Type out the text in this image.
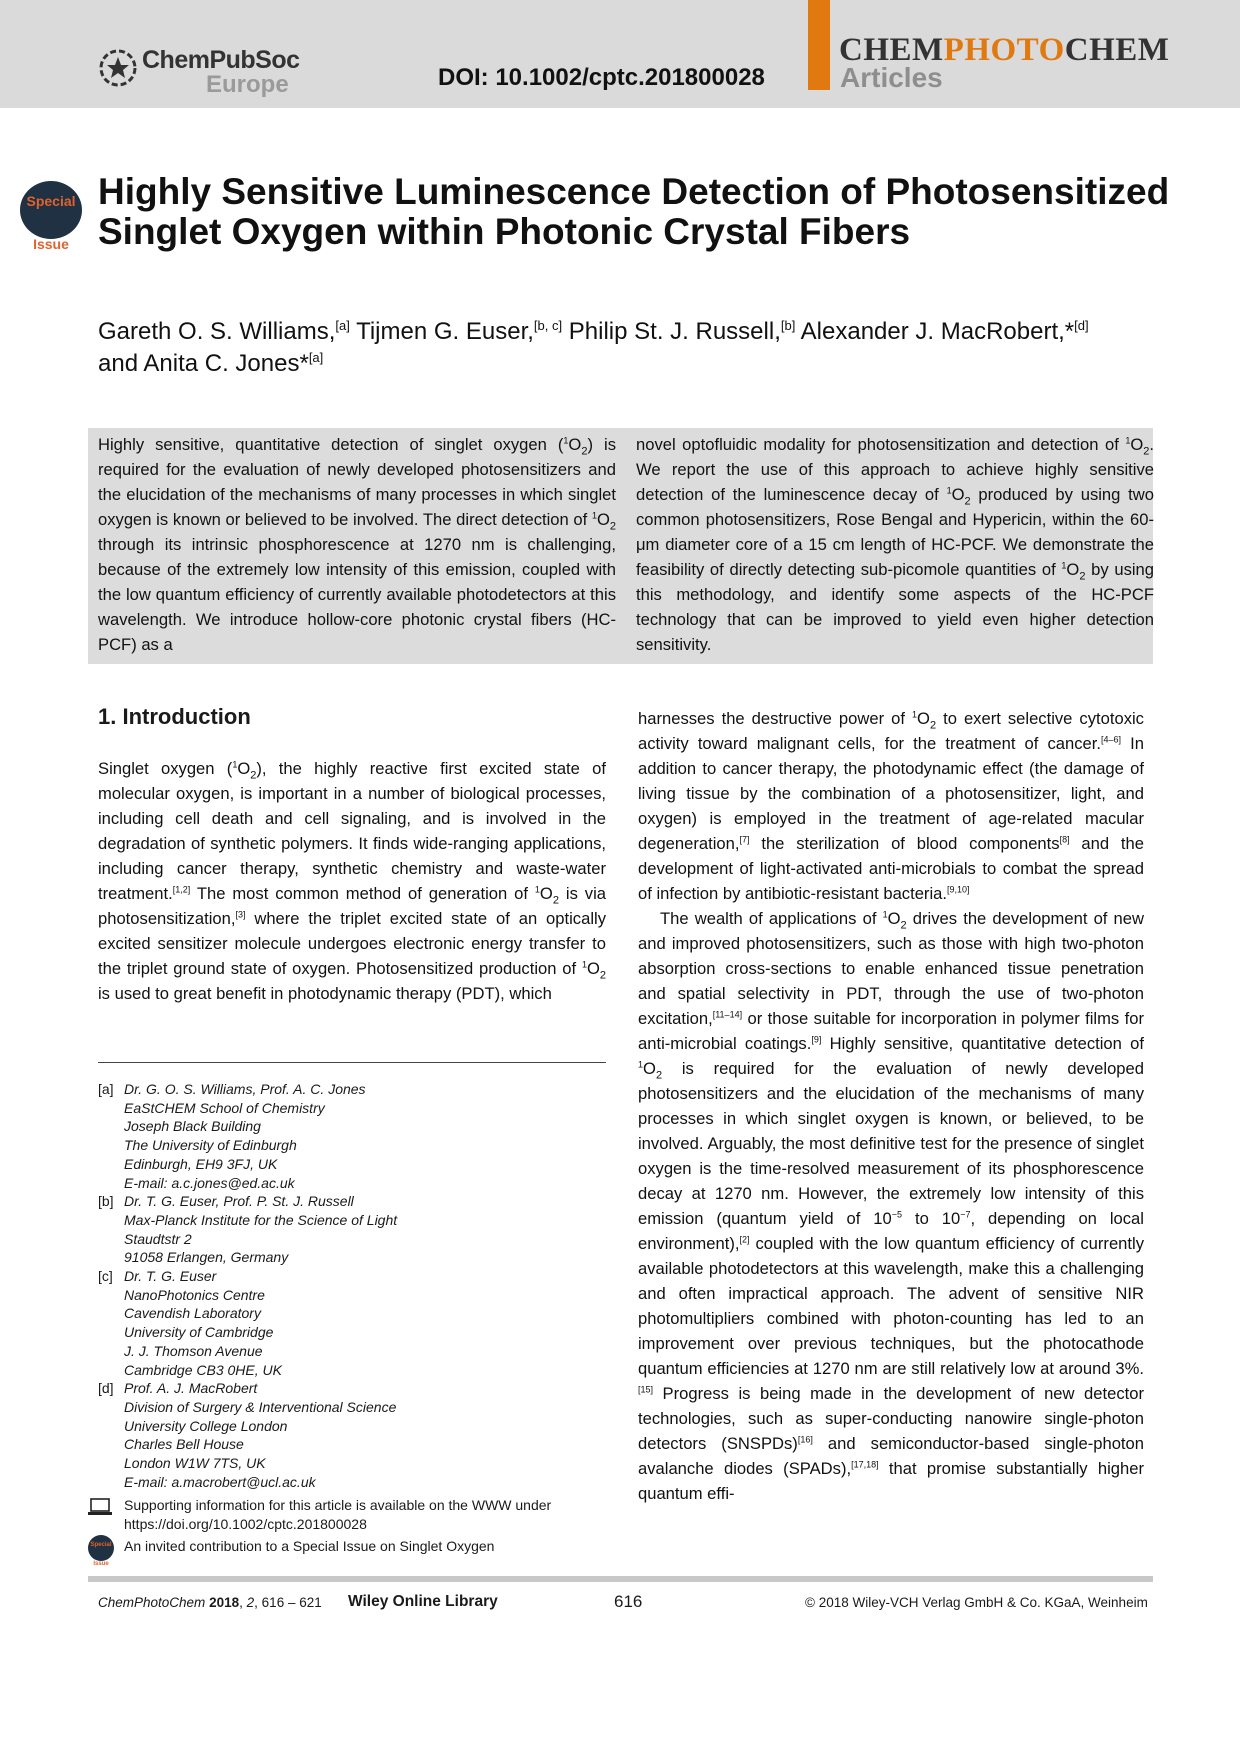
ChemPubSoc
Europe	DOI: 10.1002/cptc.201800028
CHEMPHOTOCHEM
Articles
Special

Issue
Highly Sensitive Luminescence Detection of Photosensitized Singlet Oxygen within Photonic Crystal Fibers
Gareth O. S. Williams,[a] Tijmen G. Euser,[b, c] Philip St. J. Russell,[b] Alexander J. MacRobert,*[d]
and Anita C. Jones*[a]
Highly sensitive, quantitative detection of singlet oxygen $(^1O_2)$ is required for the evaluation of newly developed photosensitizers and the elucidation of the mechanisms of many processes in which singlet oxygen is known or believed to be involved. The direct detection of $^1O_2$ through its intrinsic phosphorescence at 1270 nm is challenging, because of the extremely low intensity of this emission, coupled with the low quantum efficiency of currently available photodetectors at this wavelength. We introduce hollow-core photonic crystal fibers (HC-PCF) as a
novel optofluidic modality for photosensitization and detection of $^1O_2$. We report the use of this approach to achieve highly sensitive detection of the luminescence decay of $^1O_2$ produced by using two common photosensitizers, Rose Bengal and Hypericin, within the 60-μm diameter core of a 15 cm length of HC-PCF. We demonstrate the feasibility of directly detecting sub-picomole quantities of $^1O_2$ by using this methodology, and identify some aspects of the HC-PCF technology that can be improved to yield even higher detection sensitivity.
1. Introduction

Singlet oxygen $(^1O_2)$, the highly reactive first excited state of molecular oxygen, is important in a number of biological processes, including cell death and cell signaling, and is involved in the degradation of synthetic polymers. It finds wide-ranging applications, including cancer therapy, synthetic chemistry and waste-water treatment.[1,2] The most common method of generation of $^1O_2$ is via photosensitization,[3] where the triplet excited state of an optically excited sensitizer molecule undergoes electronic energy transfer to the triplet ground state of oxygen. Photosensitized production of $^1O_2$ is used to great benefit in photodynamic therapy (PDT), which

harnesses the destructive power of $^1O_2$ to exert selective cytotoxic activity toward malignant cells, for the treatment of cancer.[4–6] In addition to cancer therapy, the photodynamic effect (the damage of living tissue by the combination of a photosensitizer, light, and oxygen) is employed in the treatment of age-related macular degeneration,[7] the sterilization of blood components[8] and the development of light-activated anti-microbials to combat the spread of infection by antibiotic-resistant bacteria.[9,10]

The wealth of applications of $^1O_2$ drives the development of new and improved photosensitizers, such as those with high two-photon absorption cross-sections to enable enhanced tissue penetration and spatial selectivity in PDT, through the use of two-photon excitation,[11–14] or those suitable for incorporation in polymer films for anti-microbial coatings.[9] Highly sensitive, quantitative detection of $^1O_2$ is required for the evaluation of newly developed photosensitizers and the elucidation of the mechanisms of many processes in which singlet oxygen is known, or believed, to be involved. Arguably, the most definitive test for the presence of singlet oxygen is the time-resolved measurement of its phosphorescence decay at 1270 nm. However, the extremely low intensity of this emission (quantum yield of $10^{-5}$ to $10^{-7}$, depending on local environment),[2] coupled with the low quantum efficiency of currently available photodetectors at this wavelength, make this a challenging and often impractical approach. The advent of sensitive NIR photomultipliers combined with photon-counting has led to an improvement over previous techniques, but the photocathode quantum efficiencies at 1270 nm are still relatively low at around 3%.[15] Progress is being made in the development of new detector technologies, such as super-conducting nanowire single-photon detectors (SNSPDs)[16] and semiconductor-based single-photon avalanche diodes (SPADs),[17,18] that promise substantially higher quantum effi-

[a] Dr. G. O. S. Williams, Prof. A. C. Jones
EaStCHEM School of Chemistry
Joseph Black Building
The University of Edinburgh
Edinburgh, EH9 3FJ, UK
E-mail: a.c.jones@ed.ac.uk
[b] Dr. T. G. Euser, Prof. P. St. J. Russell
Max-Planck Institute for the Science of Light
Staudtstr 2
91058 Erlangen, Germany
[c] Dr. T. G. Euser
NanoPhotonics Centre
Cavendish Laboratory
University of Cambridge
J. J. Thomson Avenue
Cambridge CB3 0HE, UK
[d] Prof. A. J. MacRobert
Division of Surgery & Interventional Science
University College London
Charles Bell House
London W1W 7TS, UK
E-mail: a.macrobert@ucl.ac.uk
Supporting information for this article is available on the WWW under https://doi.org/10.1002/cptc.201800028
Special

Issue
An invited contribution to a Special Issue on Singlet Oxygen
ChemPhotoChem 2018, 2, 616 – 621 Wiley Online Library	616	© 2018 Wiley-VCH Verlag GmbH & Co. KGaA, Weinheim
